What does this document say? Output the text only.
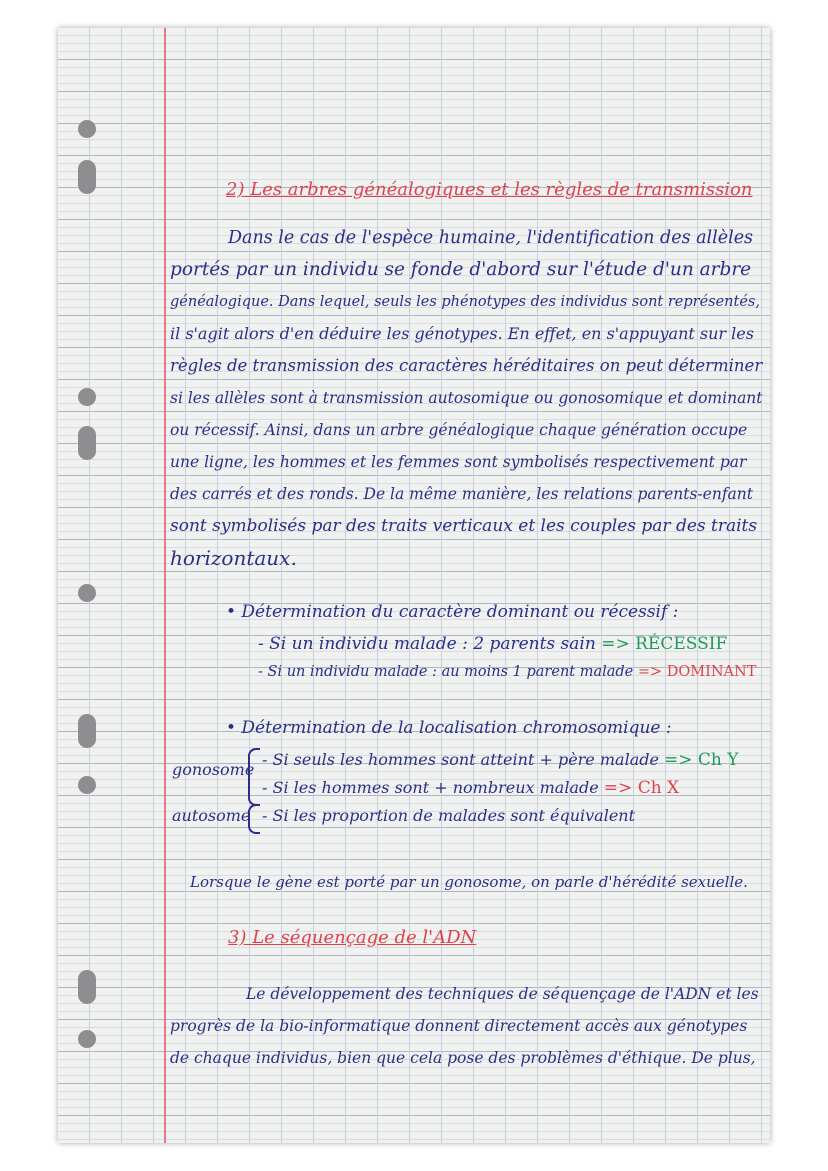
2) Les arbres généalogiques et les règles de transmission
Dans le cas de l'espèce humaine, l'identification des allèles
portés par un individu se fonde d'abord sur l'étude d'un arbre
généalogique. Dans lequel, seuls les phénotypes des individus sont représentés,
il s'agit alors d'en déduire les génotypes. En effet, en s'appuyant sur les
règles de transmission des caractères héréditaires on peut déterminer
si les allèles sont à transmission autosomique ou gonosomique et dominant
ou récessif. Ainsi, dans un arbre généalogique chaque génération occupe
une ligne, les hommes et les femmes sont symbolisés respectivement par
des carrés et des ronds. De la même manière, les relations parents-enfant
sont symbolisés par des traits verticaux et les couples par des traits
horizontaux.
• Détermination du caractère dominant ou récessif :
- Si un individu malade : 2 parents sain => RÉCESSIF
- Si un individu malade : au moins 1 parent malade => DOMINANT
• Détermination de la localisation chromosomique :
gonosome
autosome
- Si seuls les hommes sont atteint + père malade => Ch Y
- Si les hommes sont + nombreux malade => Ch X
- Si les proportion de malades sont équivalent
Lorsque le gène est porté par un gonosome, on parle d'hérédité sexuelle.
3) Le séquençage de l'ADN
Le développement des techniques de séquençage de l'ADN et les
progrès de la bio-informatique donnent directement accès aux génotypes
de chaque individus, bien que cela pose des problèmes d'éthique. De plus,
